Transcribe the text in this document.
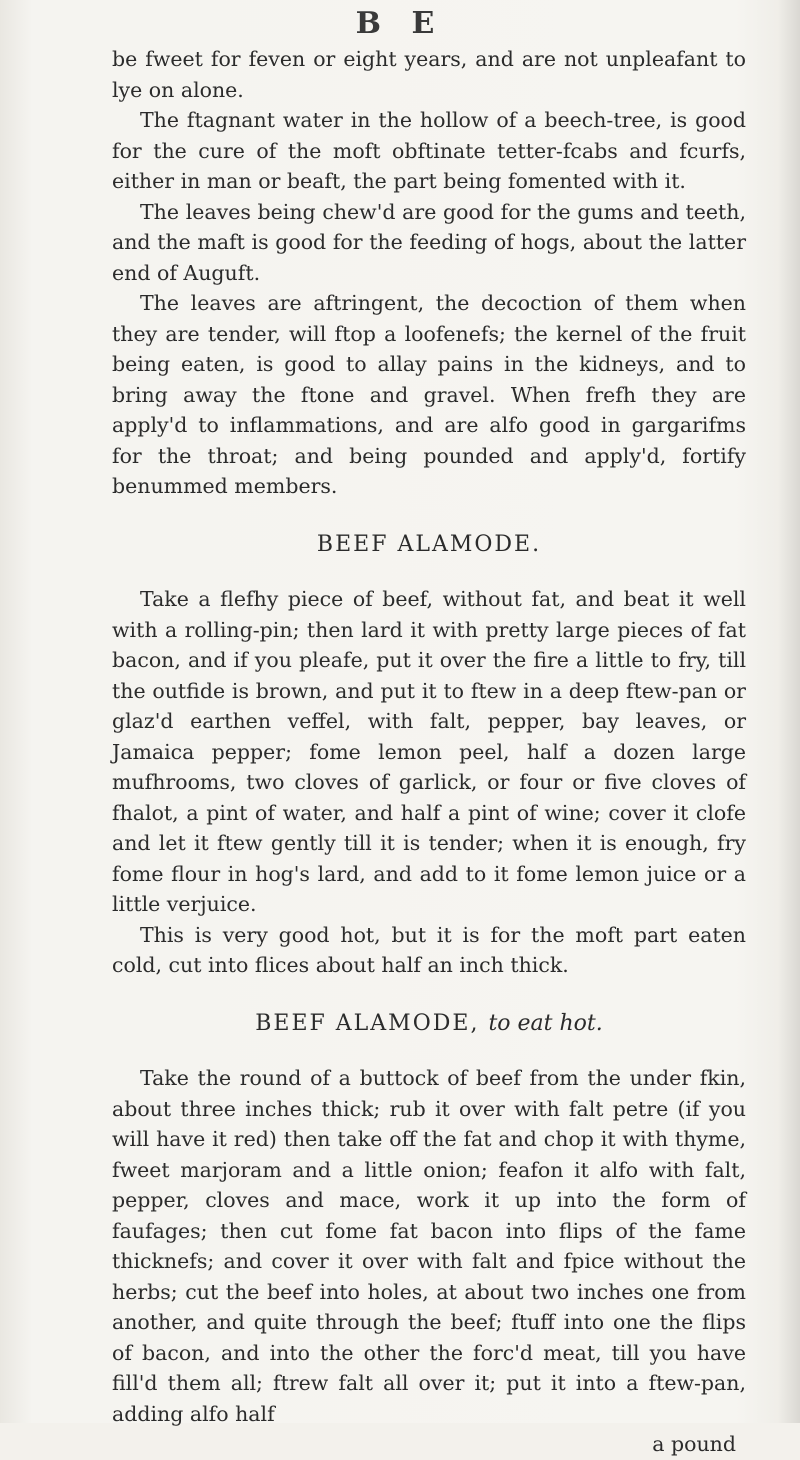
B E

be fweet for feven or eight years, and are not unpleafant to lye on alone.

The ftagnant water in the hollow of a beech-tree, is good for the cure of the moft obftinate tetter-fcabs and fcurfs, either in man or beaft, the part being fomented with it.

The leaves being chew'd are good for the gums and teeth, and the maft is good for the feeding of hogs, about the latter end of Auguft.

The leaves are aftringent, the decoction of them when they are tender, will ftop a loofenefs; the kernel of the fruit being eaten, is good to allay pains in the kidneys, and to bring away the ftone and gravel. When frefh they are apply'd to inflammations, and are alfo good in gargarifms for the throat; and being pounded and apply'd, fortify benummed members.

BEEF ALAMODE.

Take a flefhy piece of beef, without fat, and beat it well with a rolling-pin; then lard it with pretty large pieces of fat bacon, and if you pleafe, put it over the fire a little to fry, till the outfide is brown, and put it to ftew in a deep ftew-pan or glaz'd earthen veffel, with falt, pepper, bay leaves, or Jamaica pepper; fome lemon peel, half a dozen large mufhrooms, two cloves of garlick, or four or five cloves of fhalot, a pint of water, and half a pint of wine; cover it clofe and let it ftew gently till it is tender; when it is enough, fry fome flour in hog's lard, and add to it fome lemon juice or a little verjuice.

This is very good hot, but it is for the moft part eaten cold, cut into flices about half an inch thick.

BEEF ALAMODE, to eat hot.

Take the round of a buttock of beef from the under fkin, about three inches thick; rub it over with falt petre (if you will have it red) then take off the fat and chop it with thyme, fweet marjoram and a little onion; feafon it alfo with falt, pepper, cloves and mace, work it up into the form of faufages; then cut fome fat bacon into flips of the fame thicknefs; and cover it over with falt and fpice without the herbs; cut the beef into holes, at about two inches one from another, and quite through the beef; ftuff into one the flips of bacon, and into the other the forc'd meat, till you have fill'd them all; ftrew falt all over it; put it into a ftew-pan, adding alfo half

a pound
